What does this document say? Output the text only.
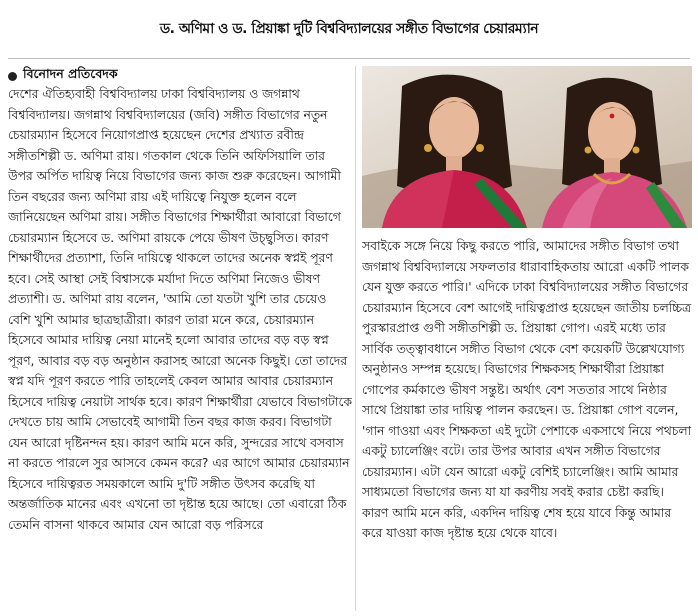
ড. অণিমা ও ড. প্রিয়াঙ্কা দুটি বিশ্ববিদ্যালয়ের সঙ্গীত বিভাগের চেয়ারম্যান
বিনোদন প্রতিবেদক

দেশের ঐতিহ্যবাহী বিশ্ববিদ্যালয় ঢাকা বিশ্ববিদ্যালয় ও জগন্নাথ বিশ্ববিদ্যালয়। জগন্নাথ বিশ্ববিদ্যালয়ের (জবি) সঙ্গীত বিভাগের নতুন চেয়ারম্যান হিসেবে নিয়োগপ্রাপ্ত হয়েছেন দেশের প্রখ্যাত রবীন্দ্র সঙ্গীতশিল্পী ড. অণিমা রায়। গতকাল থেকে তিনি অফিসিয়ালি তার উপর অর্পিত দায়িত্ব নিয়ে বিভাগের জন্য কাজ শুরু করেছেন। আগামী তিন বছরের জন্য অণিমা রায় এই দায়িত্বে নিযুক্ত হলেন বলে জানিয়েছেন অণিমা রায়। সঙ্গীত বিভাগের শিক্ষার্থীরা আবারো বিভাগে চেয়ারম্যান হিসেবে ড. অণিমা রায়কে পেয়ে ভীষণ উচ্ছ্বসিত। কারণ শিক্ষার্থীদের প্রত্যাশা, তিনি দায়িত্বে থাকলে তাদের অনেক স্বপ্নই পূরণ হবে। সেই আস্থা সেই বিশ্বাসকে মর্যাদা দিতে অণিমা নিজেও ভীষণ প্রত্যাশী। ড. অণিমা রায় বলেন, 'আমি তো যতটা খুশি তার চেয়েও বেশি খুশি আমার ছাত্রছাত্রীরা। কারণ তারা মনে করে, চেয়ারম্যান হিসেবে আমার দায়িত্ব নেয়া মানেই হলো আবার তাদের বড় বড় স্বপ্ন পূরণ, আবার বড় বড় অনুষ্ঠান করাসহ আরো অনেক কিছুই। তো তাদের স্বপ্ন যদি পূরণ করতে পারি তাহলেই কেবল আমার আবার চেয়ারম্যান হিসেবে দায়িত্ব নেয়াটা সার্থক হবে। কারণ শিক্ষার্থীরা যেভাবে বিভাগটাকে দেখতে চায় আমি সেভাবেই আগামী তিন বছর কাজ করব। বিভাগটা যেন আরো দৃষ্টিনন্দন হয়। কারণ আমি মনে করি, সুন্দরের সাথে বসবাস না করতে পারলে সুর আসবে কেমন করে? এর আগে আমার চেয়ারম্যান হিসেবে দায়িত্বরত সময়কালে আমি দু'টি সঙ্গীত উৎসব করেছি যা অন্তর্জাতিক মানের এবং এখনো তা দৃষ্টান্ত হয়ে আছে। তো এবারো ঠিক তেমনি বাসনা থাকবে আমার যেন আরো বড় পরিসরে

সবাইকে সঙ্গে নিয়ে কিছু করতে পারি, আমাদের সঙ্গীত বিভাগ তথা জগন্নাথ বিশ্ববিদ্যালয়ে সফলতার ধারাবাহিকতায় আরো একটি পালক যেন যুক্ত করতে পারি।' এদিকে ঢাকা বিশ্ববিদ্যালয়ের সঙ্গীত বিভাগের চেয়ারম্যান হিসেবে বেশ আগেই দায়িত্বপ্রাপ্ত হয়েছেন জাতীয় চলচ্চিত্র পুরস্কারপ্রাপ্ত গুণী সঙ্গীতশিল্পী ড. প্রিয়াঙ্কা গোপ। এরই মধ্যে তার সার্বিক তত্ত্বাবধানে সঙ্গীত বিভাগ থেকে বেশ কয়েকটি উল্লেখযোগ্য অনুষ্ঠানও সম্পন্ন হয়েছে। বিভাগের শিক্ষকসহ শিক্ষার্থীরা প্রিয়াঙ্কা গোপের কর্মকাণ্ডে ভীষণ সন্তুষ্ট। অর্থাৎ বেশ সততার সাথে নিষ্ঠার সাথে প্রিয়াঙ্কা তার দায়িত্ব পালন করছেন। ড. প্রিয়াঙ্কা গোপ বলেন, 'গান গাওয়া এবং শিক্ষকতা এই দুটো পেশাকে একসাথে নিয়ে পথচলা একটু চ্যালেঞ্জিং বটে। তার উপর আবার এখন সঙ্গীত বিভাগের চেয়ারম্যান। এটা যেন আরো একটু বেশিই চ্যালেঞ্জিং। আমি আমার সাধ্যমতো বিভাগের জন্য যা যা করণীয় সবই করার চেষ্টা করছি। কারণ আমি মনে করি, একদিন দায়িত্ব শেষ হয়ে যাবে কিন্তু আমার করে যাওয়া কাজ দৃষ্টান্ত হয়ে থেকে যাবে।
